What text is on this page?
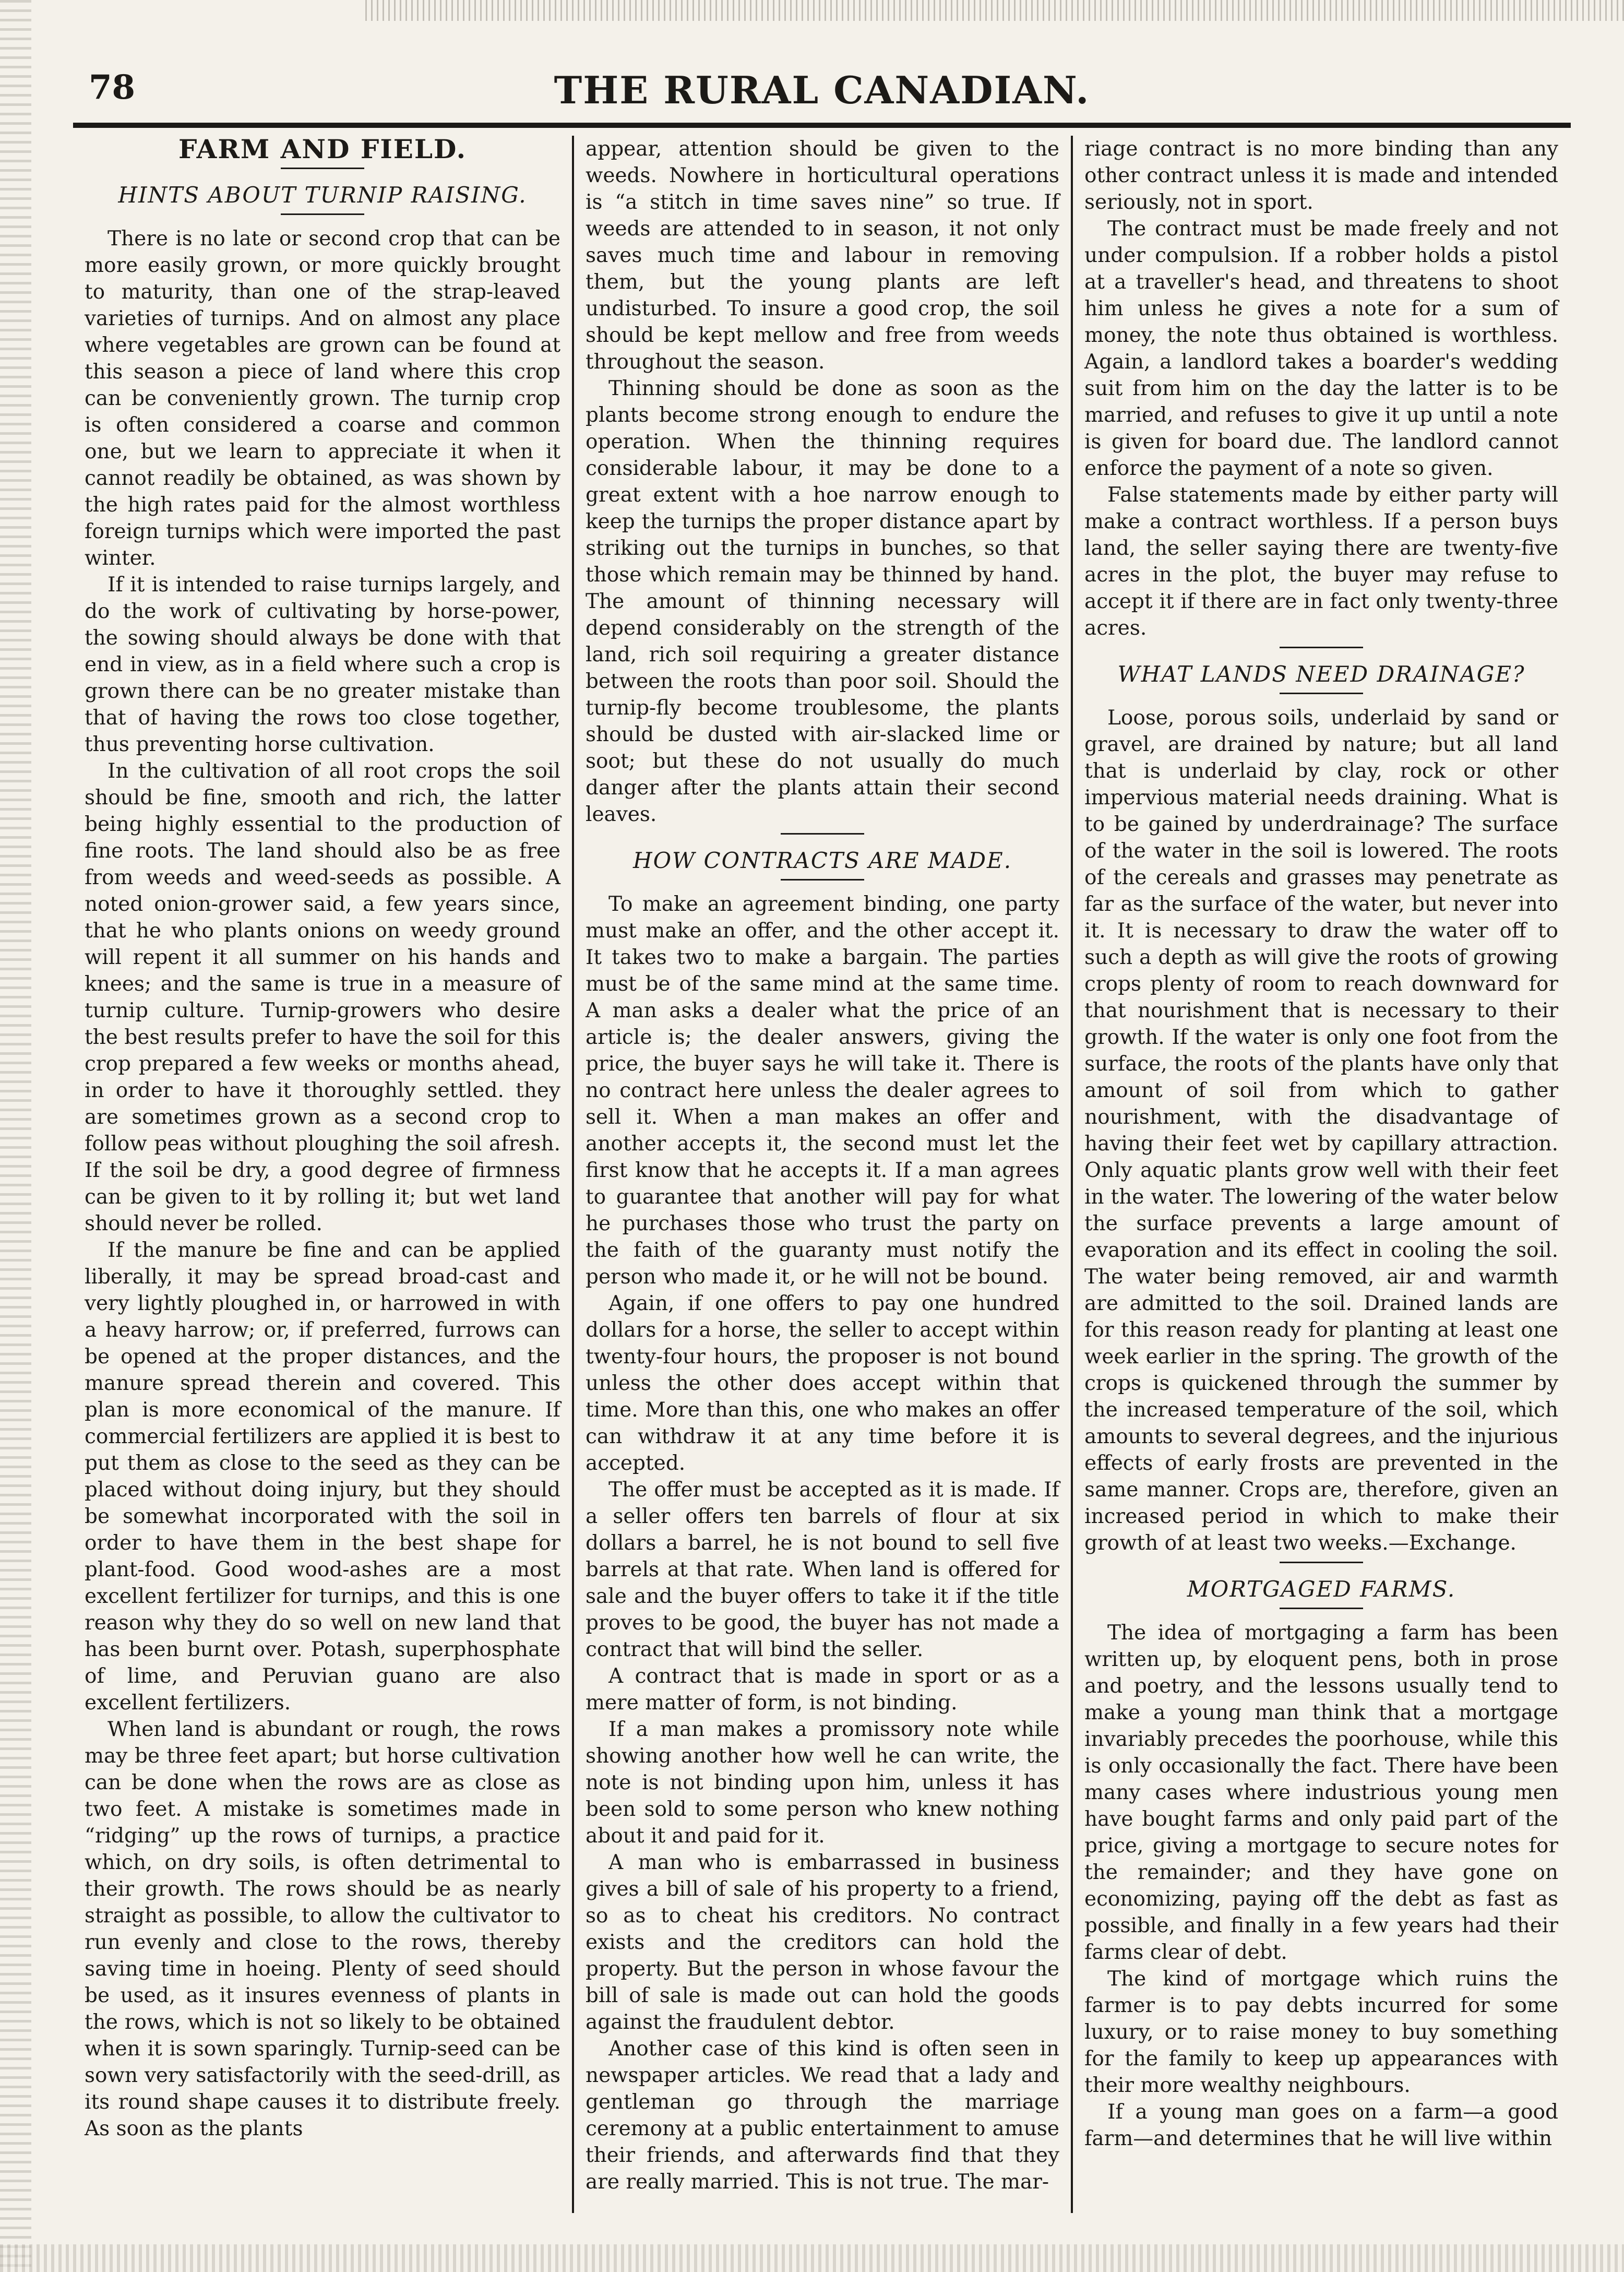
78	THE RURAL CANADIAN.
FARM AND FIELD.
HINTS ABOUT TURNIP RAISING.

There is no late or second crop that can be more easily grown, or more quickly brought to maturity, than one of the strap-leaved varieties of turnips. And on almost any place where vegetables are grown can be found at this season a piece of land where this crop can be conveniently grown. The turnip crop is often considered a coarse and common one, but we learn to appreciate it when it cannot readily be obtained, as was shown by the high rates paid for the almost worthless foreign turnips which were imported the past winter.

If it is intended to raise turnips largely, and do the work of cultivating by horse-power, the sowing should always be done with that end in view, as in a field where such a crop is grown there can be no greater mistake than that of having the rows too close together, thus preventing horse cultivation.

In the cultivation of all root crops the soil should be fine, smooth and rich, the latter being highly essential to the production of fine roots. The land should also be as free from weeds and weed-seeds as possible. A noted onion-grower said, a few years since, that he who plants onions on weedy ground will repent it all summer on his hands and knees; and the same is true in a measure of turnip culture. Turnip-growers who desire the best results prefer to have the soil for this crop prepared a few weeks or months ahead, in order to have it thoroughly settled. they are sometimes grown as a second crop to follow peas without ploughing the soil afresh. If the soil be dry, a good degree of firmness can be given to it by rolling it; but wet land should never be rolled.

If the manure be fine and can be applied liberally, it may be spread broad-cast and very lightly ploughed in, or harrowed in with a heavy harrow; or, if preferred, furrows can be opened at the proper distances, and the manure spread therein and covered. This plan is more economical of the manure. If commercial fertilizers are applied it is best to put them as close to the seed as they can be placed without doing injury, but they should be somewhat incorporated with the soil in order to have them in the best shape for plant-food. Good wood-ashes are a most excellent fertilizer for turnips, and this is one reason why they do so well on new land that has been burnt over. Potash, superphosphate of lime, and Peruvian guano are also excellent fertilizers.

When land is abundant or rough, the rows may be three feet apart; but horse cultivation can be done when the rows are as close as two feet. A mistake is sometimes made in “ridging” up the rows of turnips, a practice which, on dry soils, is often detrimental to their growth. The rows should be as nearly straight as possible, to allow the cultivator to run evenly and close to the rows, thereby saving time in hoeing. Plenty of seed should be used, as it insures evenness of plants in the rows, which is not so likely to be obtained when it is sown sparingly. Turnip-seed can be sown very satisfactorily with the seed-drill, as its round shape causes it to distribute freely. As soon as the plants

appear, attention should be given to the weeds. Nowhere in horticultural operations is “a stitch in time saves nine” so true. If weeds are attended to in season, it not only saves much time and labour in removing them, but the young plants are left undisturbed. To insure a good crop, the soil should be kept mellow and free from weeds throughout the season.

Thinning should be done as soon as the plants become strong enough to endure the operation. When the thinning requires considerable labour, it may be done to a great extent with a hoe narrow enough to keep the turnips the proper distance apart by striking out the turnips in bunches, so that those which remain may be thinned by hand. The amount of thinning necessary will depend considerably on the strength of the land, rich soil requiring a greater distance between the roots than poor soil. Should the turnip-fly become troublesome, the plants should be dusted with air-slacked lime or soot; but these do not usually do much danger after the plants attain their second leaves.

HOW CONTRACTS ARE MADE.

To make an agreement binding, one party must make an offer, and the other accept it. It takes two to make a bargain. The parties must be of the same mind at the same time. A man asks a dealer what the price of an article is; the dealer answers, giving the price, the buyer says he will take it. There is no contract here unless the dealer agrees to sell it. When a man makes an offer and another accepts it, the second must let the first know that he accepts it. If a man agrees to guarantee that another will pay for what he purchases those who trust the party on the faith of the guaranty must notify the person who made it, or he will not be bound.

Again, if one offers to pay one hundred dollars for a horse, the seller to accept within twenty-four hours, the proposer is not bound unless the other does accept within that time. More than this, one who makes an offer can withdraw it at any time before it is accepted.

The offer must be accepted as it is made. If a seller offers ten barrels of flour at six dollars a barrel, he is not bound to sell five barrels at that rate. When land is offered for sale and the buyer offers to take it if the title proves to be good, the buyer has not made a contract that will bind the seller.

A contract that is made in sport or as a mere matter of form, is not binding.

If a man makes a promissory note while showing another how well he can write, the note is not binding upon him, unless it has been sold to some person who knew nothing about it and paid for it.

A man who is embarrassed in business gives a bill of sale of his property to a friend, so as to cheat his creditors. No contract exists and the creditors can hold the property. But the person in whose favour the bill of sale is made out can hold the goods against the fraudulent debtor.

Another case of this kind is often seen in newspaper articles. We read that a lady and gentleman go through the marriage ceremony at a public entertainment to amuse their friends, and afterwards find that they are really married. This is not true. The mar-

riage contract is no more binding than any other contract unless it is made and intended seriously, not in sport.

The contract must be made freely and not under compulsion. If a robber holds a pistol at a traveller's head, and threatens to shoot him unless he gives a note for a sum of money, the note thus obtained is worthless. Again, a landlord takes a boarder's wedding suit from him on the day the latter is to be married, and refuses to give it up until a note is given for board due. The landlord cannot enforce the payment of a note so given.

False statements made by either party will make a contract worthless. If a person buys land, the seller saying there are twenty-five acres in the plot, the buyer may refuse to accept it if there are in fact only twenty-three acres.

WHAT LANDS NEED DRAINAGE?

Loose, porous soils, underlaid by sand or gravel, are drained by nature; but all land that is underlaid by clay, rock or other impervious material needs draining. What is to be gained by underdrainage? The surface of the water in the soil is lowered. The roots of the cereals and grasses may penetrate as far as the surface of the water, but never into it. It is necessary to draw the water off to such a depth as will give the roots of growing crops plenty of room to reach downward for that nourishment that is necessary to their growth. If the water is only one foot from the surface, the roots of the plants have only that amount of soil from which to gather nourishment, with the disadvantage of having their feet wet by capillary attraction. Only aquatic plants grow well with their feet in the water. The lowering of the water below the surface prevents a large amount of evaporation and its effect in cooling the soil. The water being removed, air and warmth are admitted to the soil. Drained lands are for this reason ready for planting at least one week earlier in the spring. The growth of the crops is quickened through the summer by the increased temperature of the soil, which amounts to several degrees, and the injurious effects of early frosts are prevented in the same manner. Crops are, therefore, given an increased period in which to make their growth of at least two weeks.—Exchange.

MORTGAGED FARMS.

The idea of mortgaging a farm has been written up, by eloquent pens, both in prose and poetry, and the lessons usually tend to make a young man think that a mortgage invariably precedes the poorhouse, while this is only occasionally the fact. There have been many cases where industrious young men have bought farms and only paid part of the price, giving a mortgage to secure notes for the remainder; and they have gone on economizing, paying off the debt as fast as possible, and finally in a few years had their farms clear of debt.

The kind of mortgage which ruins the farmer is to pay debts incurred for some luxury, or to raise money to buy something for the family to keep up appearances with their more wealthy neighbours.

If a young man goes on a farm—a good farm—and determines that he will live within
